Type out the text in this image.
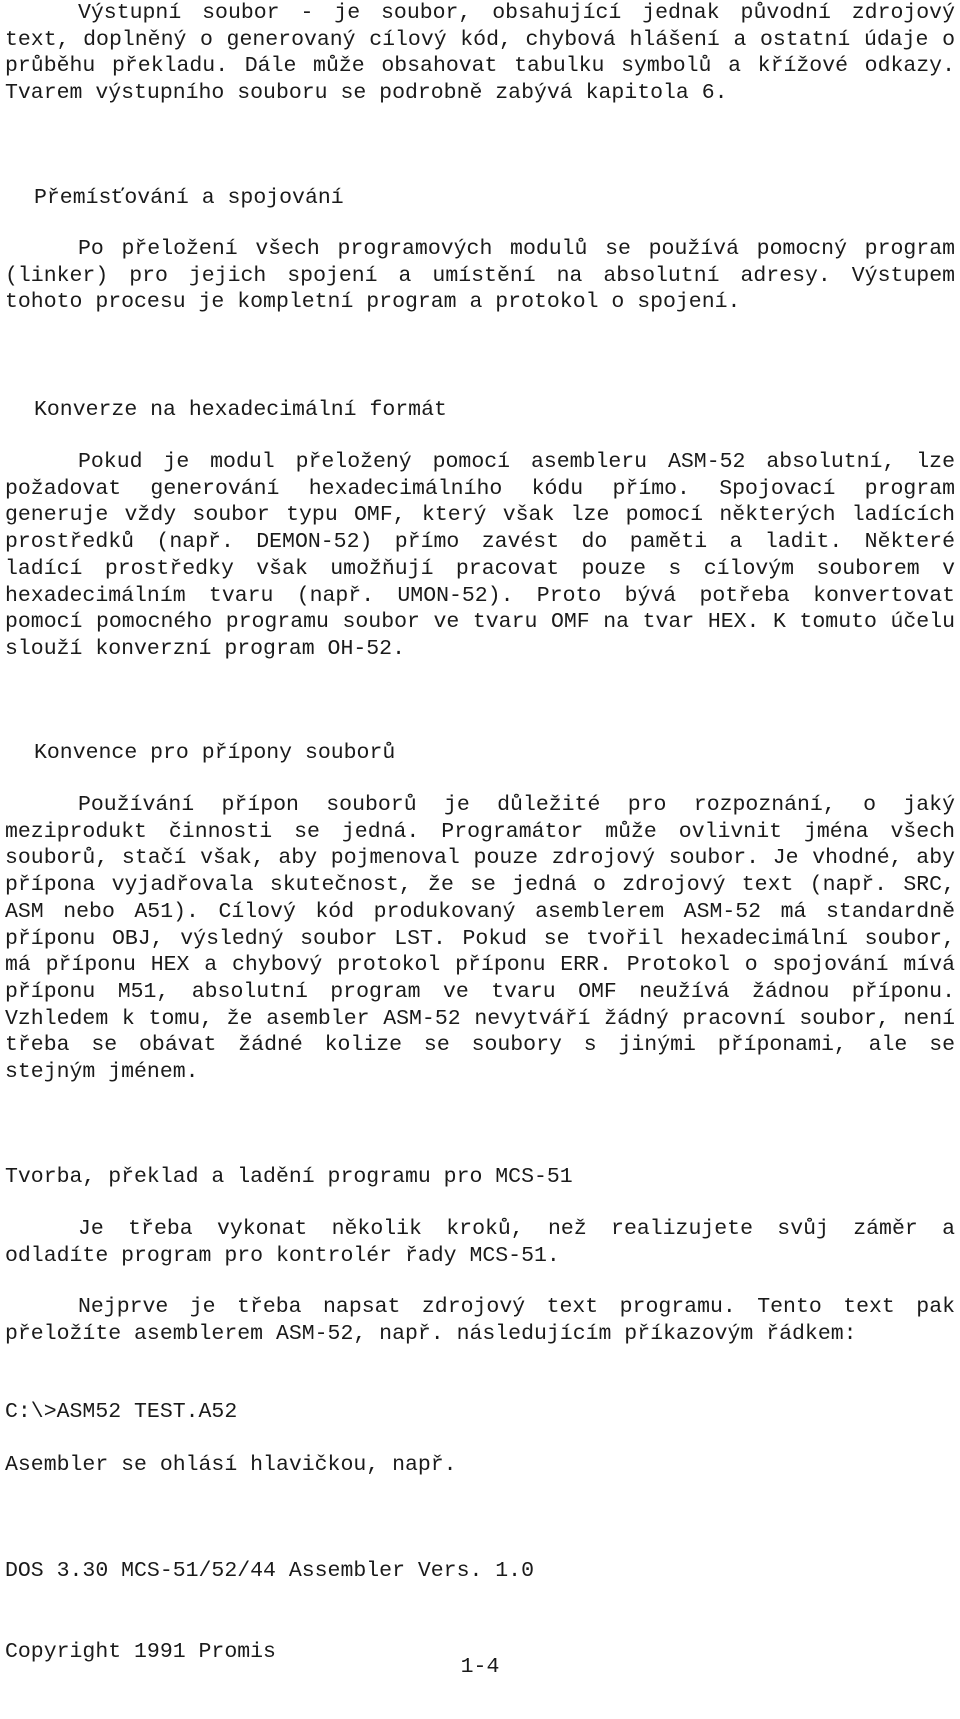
Výstupní soubor - je soubor, obsahující jednak původní zdrojový text, doplněný o generovaný cílový kód, chybová hlášení a ostatní údaje o průběhu překladu. Dále může obsahovat tabulku symbolů a křížové odkazy. Tvarem výstupního souboru se podrobně zabývá kapitola 6.

Přemísťování a spojování

Po přeložení všech programových modulů se používá pomocný program (linker) pro jejich spojení a umístění na absolutní adresy. Výstupem tohoto procesu je kompletní program a protokol o spojení.

Konverze na hexadecimální formát

Pokud je modul přeložený pomocí asembleru ASM-52 absolutní, lze požadovat generování hexadecimálního kódu přímo. Spojovací program generuje vždy soubor typu OMF, který však lze pomocí některých ladících prostředků (např. DEMON-52) přímo zavést do paměti a ladit. Některé ladící prostředky však umožňují pracovat pouze s cílovým souborem v hexadecimálním tvaru (např. UMON-52). Proto bývá potřeba konvertovat pomocí pomocného programu soubor ve tvaru OMF na tvar HEX. K tomuto účelu slouží konverzní program OH-52.

Konvence pro přípony souborů

Používání přípon souborů je důležité pro rozpoznání, o jaký meziprodukt činnosti se jedná. Programátor může ovlivnit jména všech souborů, stačí však, aby pojmenoval pouze zdrojový soubor. Je vhodné, aby přípona vyjadřovala skutečnost, že se jedná o zdrojový text (např. SRC, ASM nebo A51). Cílový kód produkovaný asemblerem ASM-52 má standardně příponu OBJ, výsledný soubor LST. Pokud se tvořil hexadecimální soubor, má příponu HEX a chybový protokol příponu ERR. Protokol o spojování mívá příponu M51, absolutní program ve tvaru OMF neužívá žádnou příponu. Vzhledem k tomu, že asembler ASM-52 nevytváří žádný pracovní soubor, není třeba se obávat žádné kolize se soubory s jinými příponami, ale se stejným jménem.

Tvorba, překlad a ladění programu pro MCS-51

Je třeba vykonat několik kroků, než realizujete svůj záměr a odladíte program pro kontrolér řady MCS-51.

Nejprve je třeba napsat zdrojový text programu. Tento text pak přeložíte asemblerem ASM-52, např. následujícím příkazovým řádkem:

C:\>ASM52 TEST.A52

Asembler se ohlásí hlavičkou, např.

DOS 3.30 MCS-51/52/44 Assembler Vers. 1.0

Copyright 1991 Promis

1-4
